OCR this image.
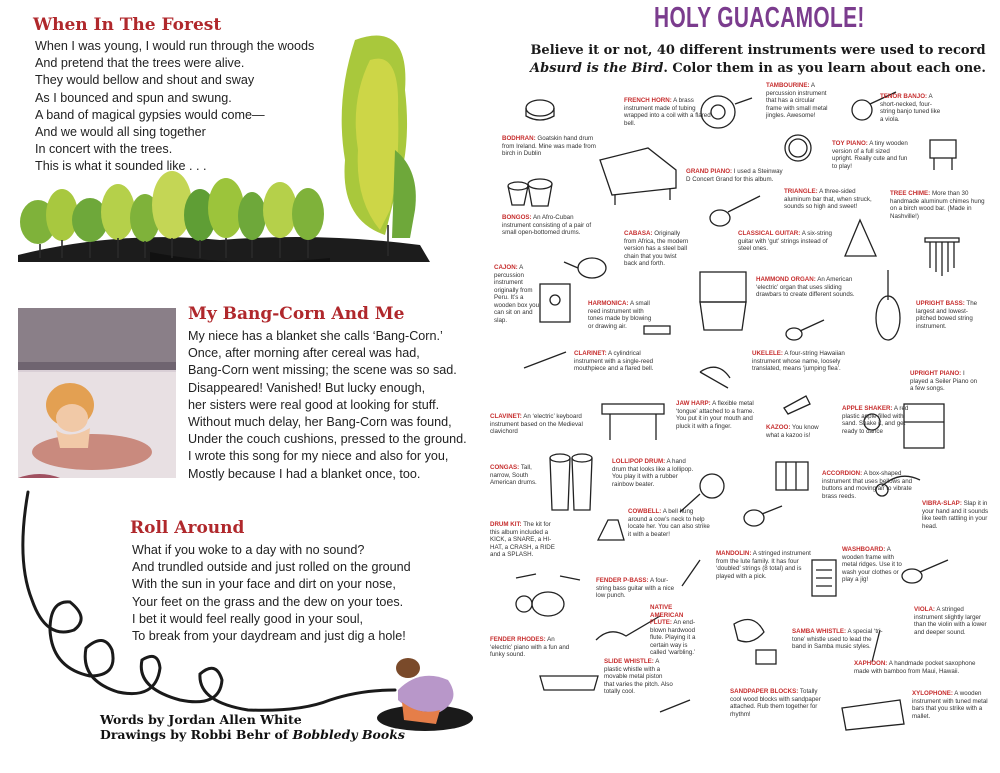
When In The Forest
When I was young, I would run through the woods
And pretend that the trees were alive.
They would bellow and shout and sway
As I bounced and spun and swung.
A band of magical gypsies would come—
And we would all sing together
In concert with the trees.
This is what it sounded like . . .
My Bang-Corn And Me
My niece has a blanket she calls ‘Bang-Corn.’
Once, after morning after cereal was had,
Bang-Corn went missing; the scene was so sad.
Disappeared! Vanished! But lucky enough,
her sisters were real good at looking for stuff.
Without much delay, her Bang-Corn was found,
Under the couch cushions, pressed to the ground.
I wrote this song for my niece and also for you,
Mostly because I had a blanket once, too.
Roll Around
What if you woke to a day with no sound?
And trundled outside and just rolled on the ground
With the sun in your face and dirt on your nose,
Your feet on the grass and the dew on your toes.
I bet it would feel really good in your soul,
To break from your daydream and just dig a hole!
Words by Jordan Allen White
Drawings by Robbi Behr of Bobbledy Books
HOLY GUACAMOLE!
Believe it or not, 40 different instruments were used to record
Absurd is the Bird. Color them in as you learn about each one.
FRENCH HORN: A brass instrument made of tubing wrapped into a coil with a flared bell.
TAMBOURINE: A percussion instrument that has a circular frame with small metal jingles. Awesome!
TENOR BANJO: A short-necked, four-string banjo tuned like a viola.
BODHRAN: Goatskin hand drum from Ireland. Mine was made from birch in Dublin
TOY PIANO: A tiny wooden version of a full sized upright. Really cute and fun to play!
GRAND PIANO: I used a Steinway D Concert Grand for this album.
TRIANGLE: A three-sided aluminum bar that, when struck, sounds so high and sweet!
TREE CHIME: More than 30 handmade aluminum chimes hung on a birch wood bar. (Made in Nashville!)
BONGOS: An Afro-Cuban instrument consisting of a pair of small open-bottomed drums.	CLASSICAL GUITAR: A six-string guitar with ‘gut’ strings instead of steel ones.
CABASA: Originally from Africa, the modern version has a steel ball chain that you twist back and forth.
CAJON: A percussion instrument originally from Peru. It’s a wooden box you can sit on and slap.
HAMMOND ORGAN: An American ‘electric’ organ that uses sliding drawbars to create different sounds.
UPRIGHT BASS: The largest and lowest-pitched bowed string instrument.
HARMONICA: A small reed instrument with tones made by blowing or drawing air.
CLARINET: A cylindrical instrument with a single-reed mouthpiece and a flared bell.
UKELELE: A four-string Hawaiian instrument whose name, loosely translated, means ‘jumping flea’.
UPRIGHT PIANO: I played a Seiler Piano on a few songs.
JAW HARP: A flexible metal ‘tongue’ attached to a frame. You put it in your mouth and pluck it with a finger.
CLAVINET: An ‘electric’ keyboard instrument based on the Medieval clavichord
KAZOO: You know what a kazoo is!
APPLE SHAKER: A red plastic apple filled with sand. Shake it, and get ready to dance
CONGAS: Tall, narrow, South American drums.
LOLLIPOP DRUM: A hand drum that looks like a lollipop. You play it with a rubber rainbow beater.
ACCORDION: A box-shaped instrument that uses bellows and buttons and moving air to vibrate brass reeds.
VIBRA-SLAP: Slap it in your hand and it sounds like teeth rattling in your head.
COWBELL: A bell hung around a cow’s neck to help locate her. You can also strike it with a beater!
DRUM KIT: The kit for this album included a KICK, a SNARE, a HI-HAT, a CRASH, a RIDE and a SPLASH.	MANDOLIN: A stringed instrument from the lute family. It has four ‘doubled’ strings (8 total) and is played with a pick.
WASHBOARD: A wooden frame with metal ridges. Use it to wash your clothes or play a jig!
FENDER P-BASS: A four-string bass guitar with a nice low punch.
NATIVE AMERICAN FLUTE: An end-blown hardwood flute. Playing it a certain way is called ‘warbling.’
VIOLA: A stringed instrument slightly larger than the violin with a lower and deeper sound.
SAMBA WHISTLE: A special ‘tri-tone’ whistle used to lead the band in Samba music styles.
FENDER RHODES: An ‘electric’ piano with a fun and funky sound.
XAPHOON: A handmade pocket saxophone made with bamboo from Maui, Hawaii.
SLIDE WHISTLE: A plastic whistle with a movable metal piston that varies the pitch. Also totally cool.	SANDPAPER BLOCKS: Totally cool wood blocks with sandpaper attached. Rub them together for rhythm!
XYLOPHONE: A wooden instrument with tuned metal bars that you strike with a mallet.
